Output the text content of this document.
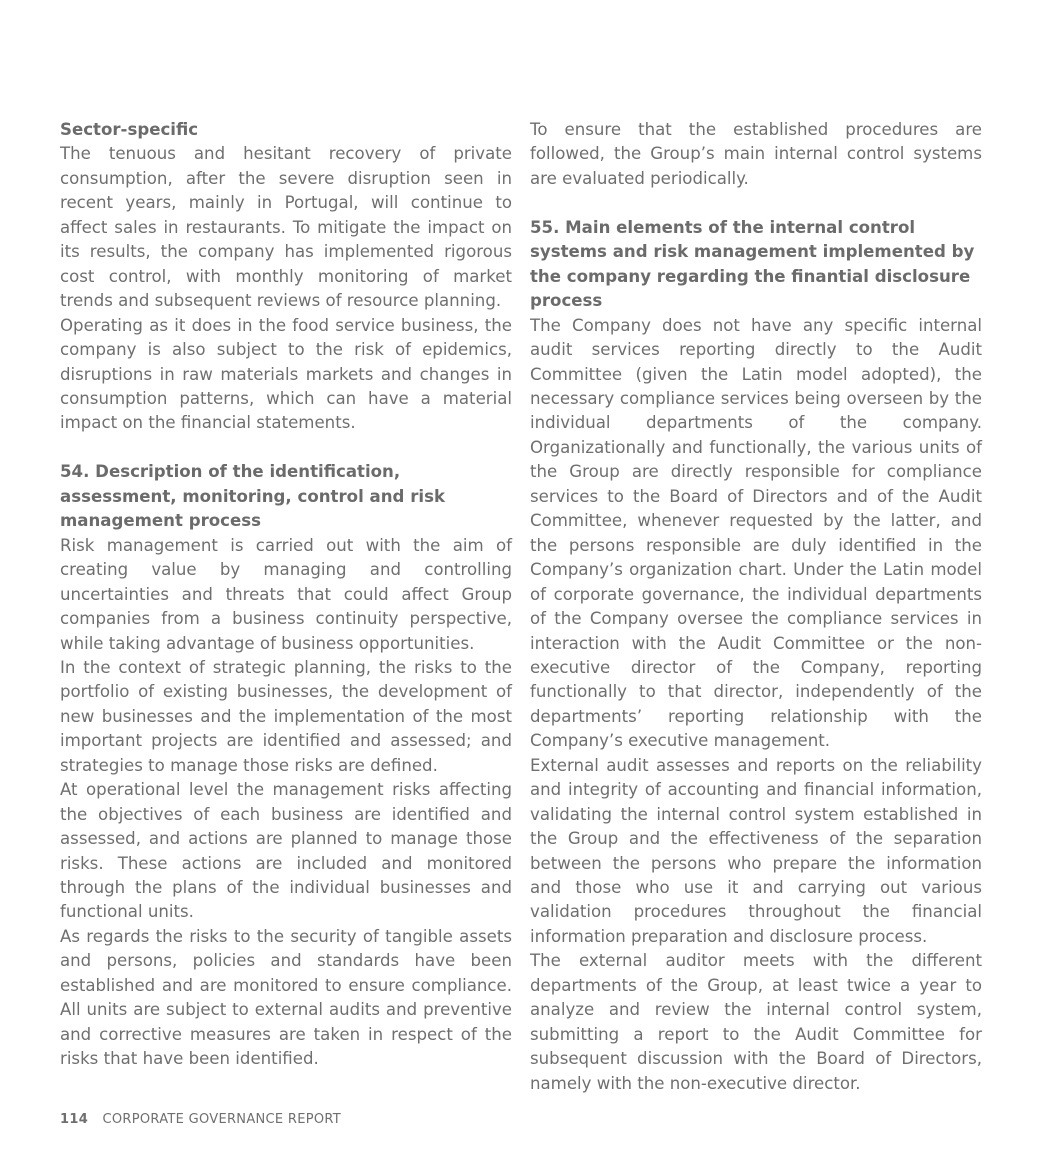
Sector-specific

The tenuous and hesitant recovery of private consumption, after the severe disruption seen in recent years, mainly in Portugal, will continue to affect sales in restaurants. To mitigate the impact on its results, the company has implemented rigorous cost control, with monthly monitoring of market trends and subsequent reviews of resource planning.

Operating as it does in the food service business, the company is also subject to the risk of epidemics, disruptions in raw materials markets and changes in consumption patterns, which can have a material impact on the financial statements.

54. Description of the identification, assessment, monitoring, control and risk management process

Risk management is carried out with the aim of creating value by managing and controlling uncertainties and threats that could affect Group companies from a business continuity perspective, while taking advantage of business opportunities.

In the context of strategic planning, the risks to the portfolio of existing businesses, the development of new businesses and the implementation of the most important projects are identified and assessed; and strategies to manage those risks are defined.

At operational level the management risks affecting the objectives of each business are identified and assessed, and actions are planned to manage those risks. These actions are included and monitored through the plans of the individual businesses and functional units.

As regards the risks to the security of tangible assets and persons, policies and standards have been established and are monitored to ensure compliance. All units are subject to external audits and preventive and corrective measures are taken in respect of the risks that have been identified.

To ensure that the established procedures are followed, the Group’s main internal control systems are evaluated periodically.

55. Main elements of the internal control systems and risk management implemented by the company regarding the finantial disclosure process

The Company does not have any specific internal audit services reporting directly to the Audit Committee (given the Latin model adopted), the necessary compliance services being overseen by the individual departments of the company. Organizationally and functionally, the various units of the Group are directly responsible for compliance services to the Board of Directors and of the Audit Committee, whenever requested by the latter, and the persons responsible are duly identified in the Company’s organization chart. Under the Latin model of corporate governance, the individual departments of the Company oversee the compliance services in interaction with the Audit Committee or the non-executive director of the Company, reporting functionally to that director, independently of the departments’ reporting relationship with the Company’s executive management.

External audit assesses and reports on the reliability and integrity of accounting and financial information, validating the internal control system established in the Group and the effectiveness of the separation between the persons who prepare the information and those who use it and carrying out various validation procedures throughout the financial information preparation and disclosure process.

The external auditor meets with the different departments of the Group, at least twice a year to analyze and review the internal control system, submitting a report to the Audit Committee for subsequent discussion with the Board of Directors, namely with the non-executive director.

114 CORPORATE GOVERNANCE REPORT
